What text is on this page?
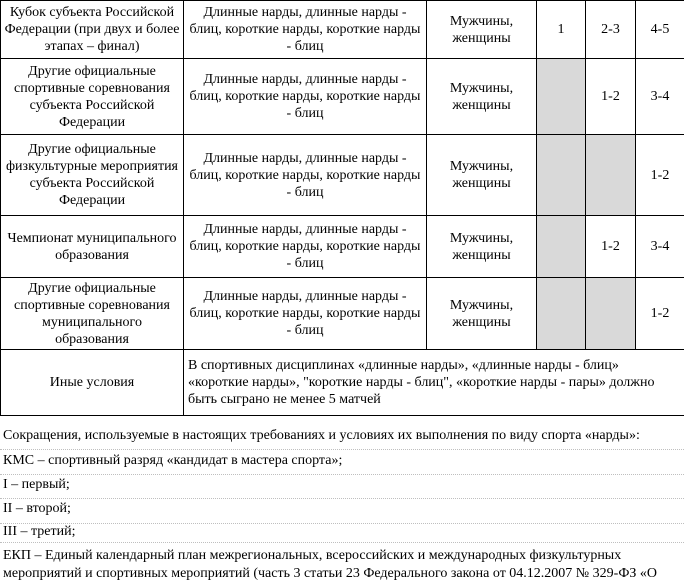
Кубок субъекта Российской Федерации (при двух и более этапах – финал)	Длинные нарды, длинные нарды - блиц, короткие нарды, короткие нарды - блиц	Мужчины, женщины	1	2-3	4-5
Другие официальные спортивные соревнования субъекта Российской Федерации	Длинные нарды, длинные нарды - блиц, короткие нарды, короткие нарды - блиц	Мужчины, женщины		1-2	3-4
Другие официальные физкультурные мероприятия субъекта Российской Федерации	Длинные нарды, длинные нарды - блиц, короткие нарды, короткие нарды - блиц	Мужчины, женщины			1-2
Чемпионат муниципального образования	Длинные нарды, длинные нарды - блиц, короткие нарды, короткие нарды - блиц	Мужчины, женщины		1-2	3-4
Другие официальные спортивные соревнования муниципального образования	Длинные нарды, длинные нарды - блиц, короткие нарды, короткие нарды - блиц	Мужчины, женщины			1-2
Иные условия	В спортивных дисциплинах «длинные нарды», «длинные нарды - блиц» «короткие нарды», "короткие нарды - блиц", «короткие нарды - пары» должно быть сыграно не менее 5 матчей				
Сокращения, используемые в настоящих требованиях и условиях их выполнения по виду спорта «нарды»:
КМС – спортивный разряд «кандидат в мастера спорта»;
I – первый;
II – второй;
III – третий;
ЕКП – Единый календарный план межрегиональных, всероссийских и международных физкультурных
мероприятий и спортивных мероприятий (часть 3 статьи 23 Федерального закона от 04.12.2007 № 329-ФЗ «О
